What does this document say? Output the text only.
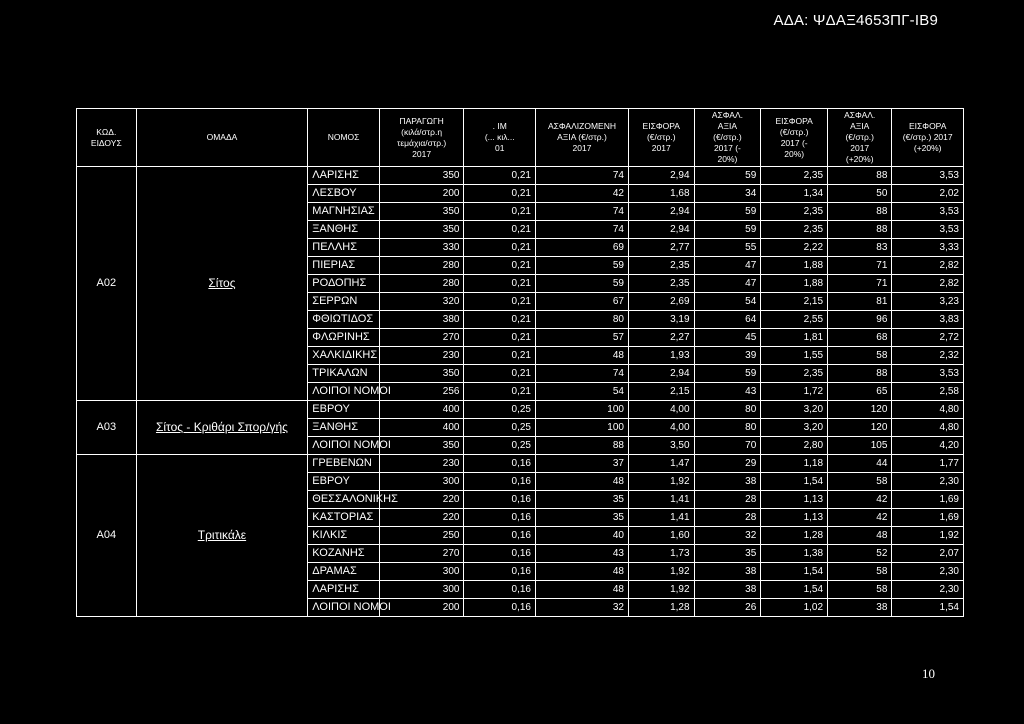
ΑΔΑ: ΨΔΑΞ4653ΠΓ-ΙΒ9
ΚΩΔ.
ΕΙΔΟΥΣ	ΟΜΑΔΑ	ΝΟΜΟΣ	ΠΑΡΑΓΩΓΗ
(κιλά/στρ.η
τεμάχια/στρ.)
2017	. ΙΜ
(... κιλ...
01	ΑΣΦΑΛΙΖΟΜΕΝΗ
ΑΞΙΑ (€/στρ.)
2017	ΕΙΣΦΟΡΑ
(€/στρ.)
2017	ΑΣΦΑΛ.
ΑΞΙΑ
(€/στρ.)
2017 (-
20%)	ΕΙΣΦΟΡΑ
(€/στρ.)
2017 (-
20%)	ΑΣΦΑΛ.
ΑΞΙΑ
(€/στρ.)
2017
(+20%)	ΕΙΣΦΟΡΑ
(€/στρ.) 2017
(+20%)

Α02	Σίτος	ΛΑΡΙΣΗΣ	350	0,21	74	2,94	59	2,35	88	3,53
		ΛΕΣΒΟΥ	200	0,21	42	1,68	34	1,34	50	2,02
		ΜΑΓΝΗΣΙΑΣ	350	0,21	74	2,94	59	2,35	88	3,53
		ΞΑΝΘΗΣ	350	0,21	74	2,94	59	2,35	88	3,53
		ΠΕΛΛΗΣ	330	0,21	69	2,77	55	2,22	83	3,33
		ΠΙΕΡΙΑΣ	280	0,21	59	2,35	47	1,88	71	2,82
		ΡΟΔΟΠΗΣ	280	0,21	59	2,35	47	1,88	71	2,82
		ΣΕΡΡΩΝ	320	0,21	67	2,69	54	2,15	81	3,23
		ΦΘΙΩΤΙΔΟΣ	380	0,21	80	3,19	64	2,55	96	3,83
		ΦΛΩΡΙΝΗΣ	270	0,21	57	2,27	45	1,81	68	2,72
		ΧΑΛΚΙΔΙΚΗΣ	230	0,21	48	1,93	39	1,55	58	2,32
		ΤΡΙΚΑΛΩΝ	350	0,21	74	2,94	59	2,35	88	3,53
		ΛΟΙΠΟΙ ΝΟΜΟΙ	256	0,21	54	2,15	43	1,72	65	2,58
Α03	Σίτος - Κριθάρι Σπορ/γής	ΕΒΡΟΥ	400	0,25	100	4,00	80	3,20	120	4,80
		ΞΑΝΘΗΣ	400	0,25	100	4,00	80	3,20	120	4,80
		ΛΟΙΠΟΙ ΝΟΜΟΙ	350	0,25	88	3,50	70	2,80	105	4,20
Α04	Τριτικάλε	ΓΡΕΒΕΝΩΝ	230	0,16	37	1,47	29	1,18	44	1,77
		ΕΒΡΟΥ	300	0,16	48	1,92	38	1,54	58	2,30
		ΘΕΣΣΑΛΟΝΙΚΗΣ	220	0,16	35	1,41	28	1,13	42	1,69
		ΚΑΣΤΟΡΙΑΣ	220	0,16	35	1,41	28	1,13	42	1,69
		ΚΙΛΚΙΣ	250	0,16	40	1,60	32	1,28	48	1,92
		ΚΟΖΑΝΗΣ	270	0,16	43	1,73	35	1,38	52	2,07
		ΔΡΑΜΑΣ	300	0,16	48	1,92	38	1,54	58	2,30
		ΛΑΡΙΣΗΣ	300	0,16	48	1,92	38	1,54	58	2,30
		ΛΟΙΠΟΙ ΝΟΜΟΙ	200	0,16	32	1,28	26	1,02	38	1,54
10
